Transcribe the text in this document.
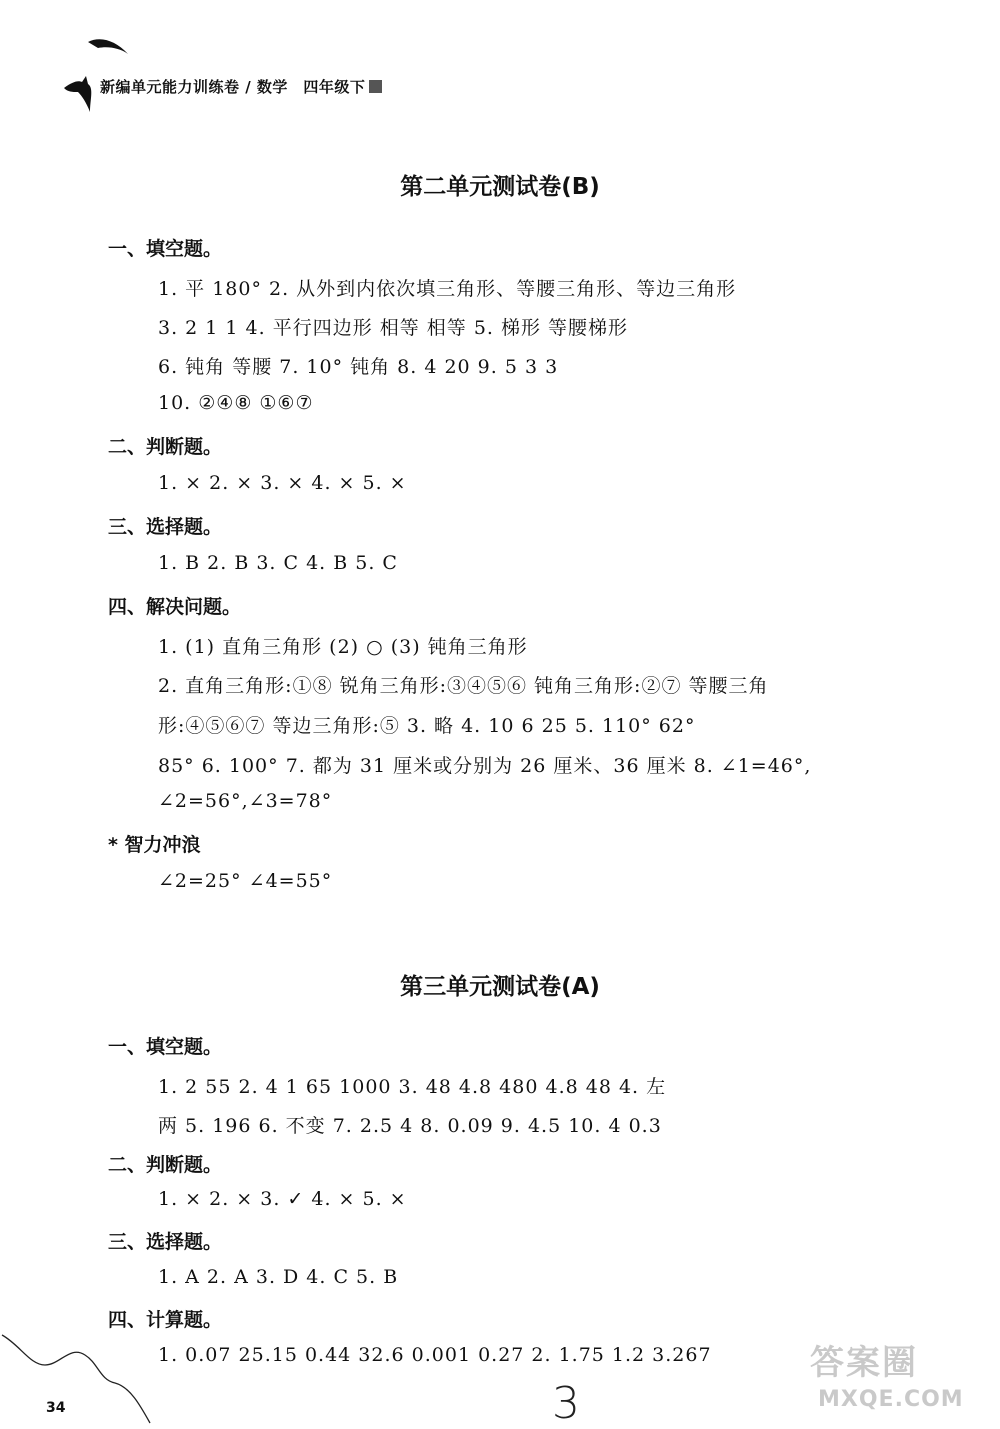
新编单元能力训练卷 / 数学　四年级下
第二单元测试卷(B)
一、填空题。
1. 平 180° 2. 从外到内依次填三角形、等腰三角形、等边三角形
3. 2 1 1 4. 平行四边形 相等 相等 5. 梯形 等腰梯形
6. 钝角 等腰 7. 10° 钝角 8. 4 20 9. 5 3 3
10. ②④⑧ ①⑥⑦
二、判断题。
1. × 2. × 3. × 4. × 5. ×
三、选择题。
1. B 2. B 3. C 4. B 5. C
四、解决问题。
1. (1) 直角三角形 (2) ○ (3) 钝角三角形
2. 直角三角形:①⑧ 锐角三角形:③④⑤⑥ 钝角三角形:②⑦ 等腰三角
形:④⑤⑥⑦ 等边三角形:⑤ 3. 略 4. 10 6 25 5. 110° 62°
85° 6. 100° 7. 都为 31 厘米或分别为 26 厘米、36 厘米 8. ∠1=46°,
∠2=56°,∠3=78°
* 智力冲浪
∠2=25° ∠4=55°
第三单元测试卷(A)
一、填空题。
1. 2 55 2. 4 1 65 1000 3. 48 4.8 480 4.8 48 4. 左
两 5. 196 6. 不变 7. 2.5 4 8. 0.09 9. 4.5 10. 4 0.3
二、判断题。
1. × 2. × 3. ✓ 4. × 5. ×
三、选择题。
1. A 2. A 3. D 4. C 5. B
四、计算题。
1. 0.07 25.15 0.44 32.6 0.001 0.27 2. 1.75 1.2 3.267
34	3
答案圈
MXQE.COM
